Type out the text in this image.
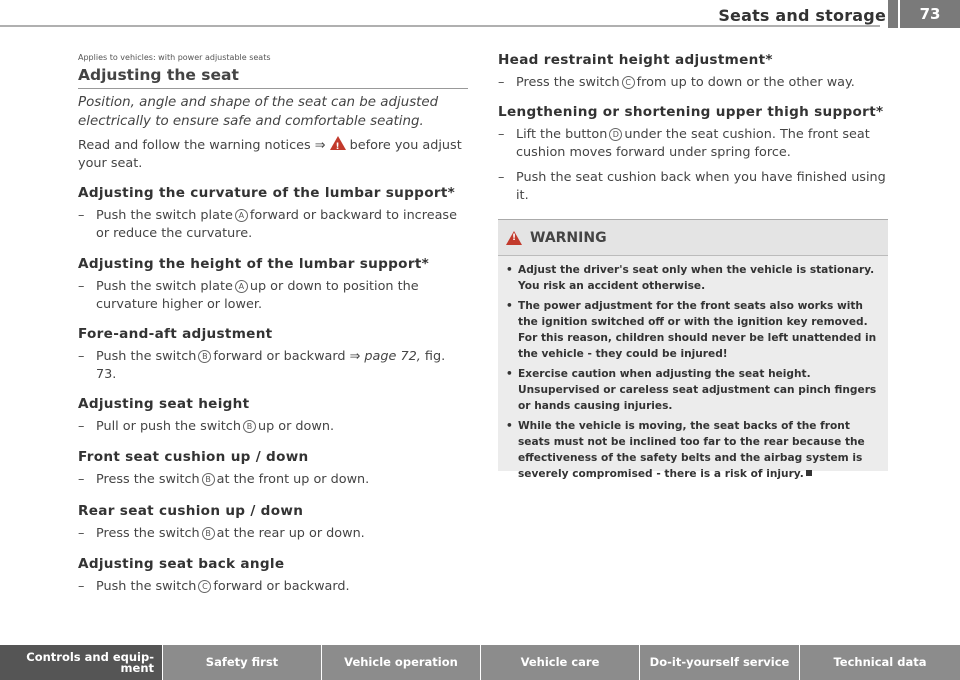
Seats and storage	73
Applies to vehicles: with power adjustable seats
Adjusting the seat
Position, angle and shape of the seat can be adjusted electrically to ensure safe and comfortable seating.
Read and follow the warning notices ⇒ ! before you adjust your seat.
Adjusting the curvature of the lumbar support*
– Push the switch plate A forward or backward to increase or reduce the curvature.
Adjusting the height of the lumbar support*
– Push the switch plate A up or down to position the curvature higher or lower.
Fore-and-aft adjustment
– Push the switch B forward or backward ⇒ page 72, fig. 73.
Adjusting seat height
– Pull or push the switch B up or down.
Front seat cushion up / down
– Press the switch B at the front up or down.
Rear seat cushion up / down
– Press the switch B at the rear up or down.
Adjusting seat back angle
– Push the switch C forward or backward.
Head restraint height adjustment*
– Press the switch C from up to down or the other way.
Lengthening or shortening upper thigh support*
– Lift the button D under the seat cushion. The front seat cushion moves forward under spring force.
– Push the seat cushion back when you have finished using it.
!
WARNING
• Adjust the driver's seat only when the vehicle is stationary. You risk an accident otherwise.
• The power adjustment for the front seats also works with the ignition switched off or with the ignition key removed. For this reason, children should never be left unattended in the vehicle - they could be injured!
• Exercise caution when adjusting the seat height. Unsupervised or careless seat adjustment can pinch fingers or hands causing injuries.
• While the vehicle is moving, the seat backs of the front seats must not be inclined too far to the rear because the effectiveness of the safety belts and the airbag system is severely compromised - there is a risk of injury.
Controls and equip- ment	Safety first	Vehicle operation	Vehicle care	Do-it-yourself service	Technical data
